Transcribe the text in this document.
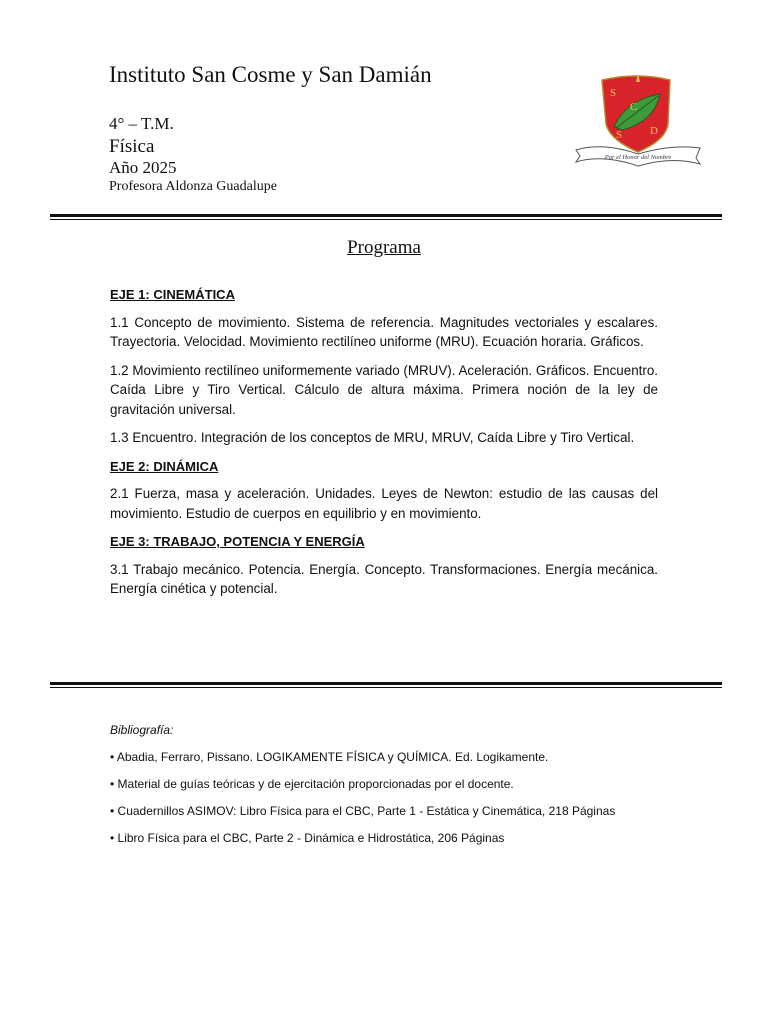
Instituto San Cosme y San Damián
4° – T.M.
Física
Año 2025
Profesora Aldonza Guadalupe
S
C
S	D
Por el Honor del Nombre
Programa
EJE 1: CINEMÁTICA

1.1 Concepto de movimiento. Sistema de referencia. Magnitudes vectoriales y escalares. Trayectoria. Velocidad. Movimiento rectilíneo uniforme (MRU). Ecuación horaria. Gráficos.

1.2 Movimiento rectilíneo uniformemente variado (MRUV). Aceleración. Gráficos. Encuentro. Caída Libre y Tiro Vertical. Cálculo de altura máxima. Primera noción de la ley de gravitación universal.

1.3 Encuentro. Integración de los conceptos de MRU, MRUV, Caída Libre y Tiro Vertical.

EJE 2: DINÁMICA

2.1 Fuerza, masa y aceleración. Unidades. Leyes de Newton: estudio de las causas del movimiento. Estudio de cuerpos en equilibrio y en movimiento.

EJE 3: TRABAJO, POTENCIA Y ENERGÍA

3.1 Trabajo mecánico. Potencia. Energía. Concepto. Transformaciones. Energía mecánica. Energía cinética y potencial.

Bibliografía:
• Abadia, Ferraro, Pissano. LOGIKAMENTE FÍSICA y QUÍMICA. Ed. Logikamente.
• Material de guías teóricas y de ejercitación proporcionadas por el docente.
• Cuadernillos ASIMOV: Libro Física para el CBC, Parte 1 - Estática y Cinemática, 218 Páginas
• Libro Física para el CBC, Parte 2 - Dinámica e Hidrostática, 206 Páginas
